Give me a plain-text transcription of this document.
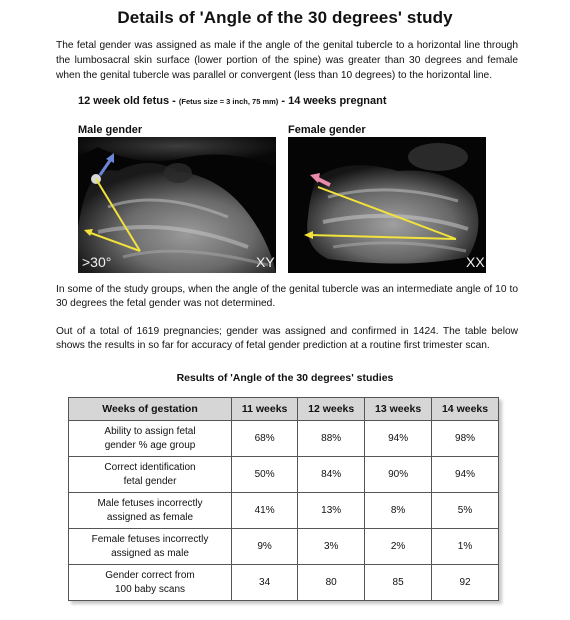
Details of 'Angle of the 30 degrees' study
The fetal gender was assigned as male if the angle of the genital tubercle to a horizontal line through the lumbosacral skin surface (lower portion of the spine) was greater than 30 degrees and female when the genital tubercle was parallel or convergent (less than 10 degrees) to the horizontal line.
12 week old fetus - (Fetus size = 3 inch, 75 mm) - 14 weeks pregnant
Male gender	Female gender
>30°	XY	XX
In some of the study groups, when the angle of the genital tubercle was an intermediate angle of 10 to 30 degrees the fetal gender was not determined.
Out of a total of 1619 pregnancies; gender was assigned and confirmed in 1424. The table below shows the results in so far for accuracy of fetal gender prediction at a routine first trimester scan.
Results of 'Angle of the 30 degrees' studies
Weeks of gestation	11 weeks	12 weeks	13 weeks	14 weeks
Ability to assign fetal
gender % age group	68%	88%	94%	98%
Correct identification
fetal gender	50%	84%	90%	94%
Male fetuses incorrectly
assigned as female	41%	13%	8%	5%
Female fetuses incorrectly
assigned as male	9%	3%	2%	1%
Gender correct from
100 baby scans	34	80	85	92
